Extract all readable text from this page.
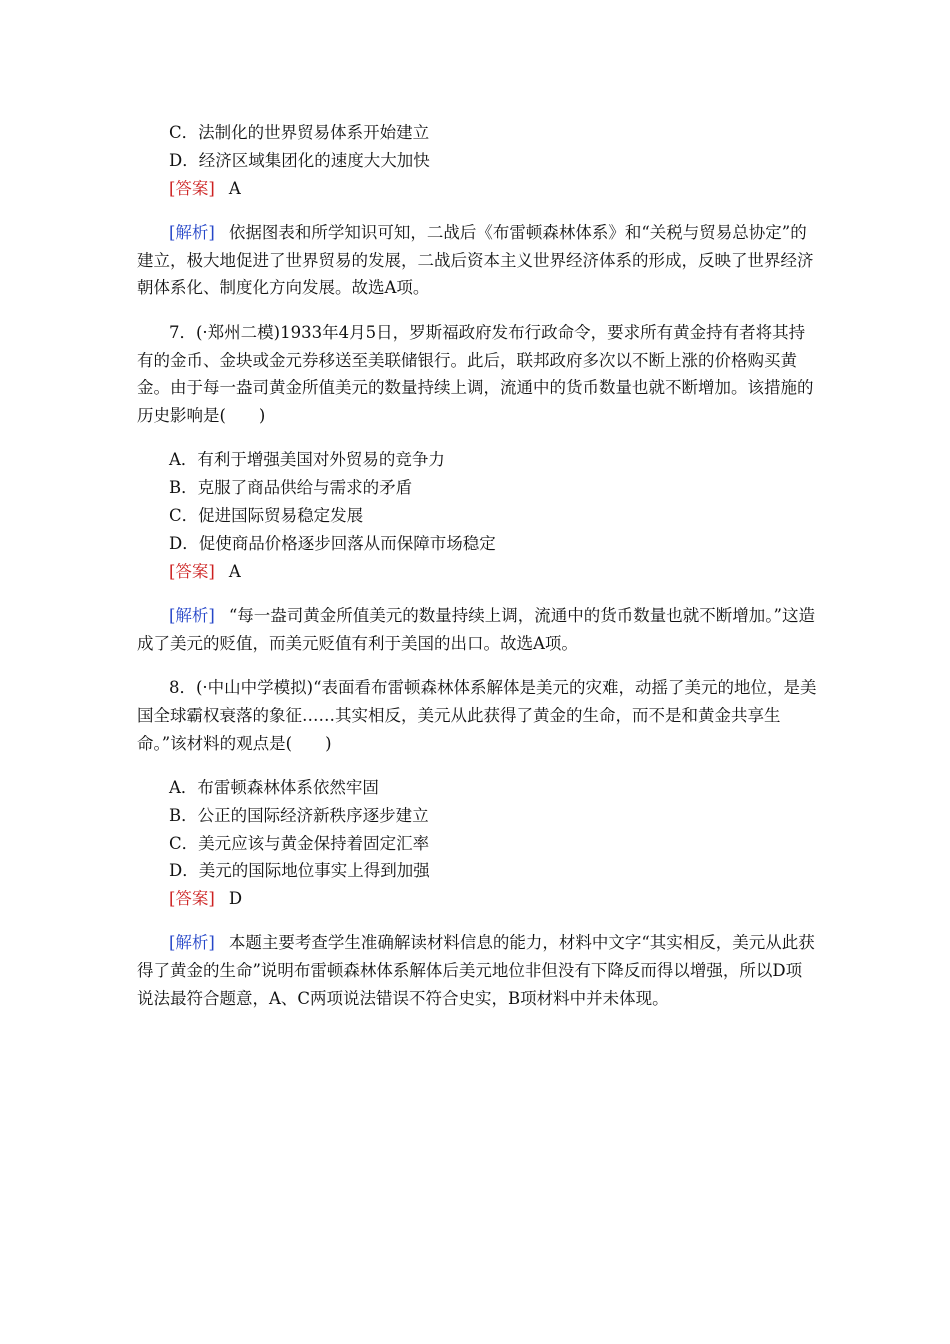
C．法制化的世界贸易体系开始建立

D．经济区域集团化的速度大大加快

[答案] A

[解析] 依据图表和所学知识可知，二战后《布雷顿森林体系》和“关税与贸易总协定”的建立，极大地促进了世界贸易的发展，二战后资本主义世界经济体系的形成，反映了世界经济朝体系化、制度化方向发展。故选A项。

7．(·郑州二模)1933年4月5日，罗斯福政府发布行政命令，要求所有黄金持有者将其持有的金币、金块或金元券移送至美联储银行。此后，联邦政府多次以不断上涨的价格购买黄金。由于每一盎司黄金所值美元的数量持续上调，流通中的货币数量也就不断增加。该措施的历史影响是(　　)

A．有利于增强美国对外贸易的竞争力

B．克服了商品供给与需求的矛盾

C．促进国际贸易稳定发展

D．促使商品价格逐步回落从而保障市场稳定

[答案] A

[解析] “每一盎司黄金所值美元的数量持续上调，流通中的货币数量也就不断增加。”这造成了美元的贬值，而美元贬值有利于美国的出口。故选A项。

8．(·中山中学模拟)“表面看布雷顿森林体系解体是美元的灾难，动摇了美元的地位，是美国全球霸权衰落的象征……其实相反，美元从此获得了黄金的生命，而不是和黄金共享生命。”该材料的观点是(　　)

A．布雷顿森林体系依然牢固

B．公正的国际经济新秩序逐步建立

C．美元应该与黄金保持着固定汇率

D．美元的国际地位事实上得到加强

[答案] D

[解析] 本题主要考查学生准确解读材料信息的能力，材料中文字“其实相反，美元从此获得了黄金的生命”说明布雷顿森林体系解体后美元地位非但没有下降反而得以增强，所以D项说法最符合题意，A、C两项说法错误不符合史实，B项材料中并未体现。
